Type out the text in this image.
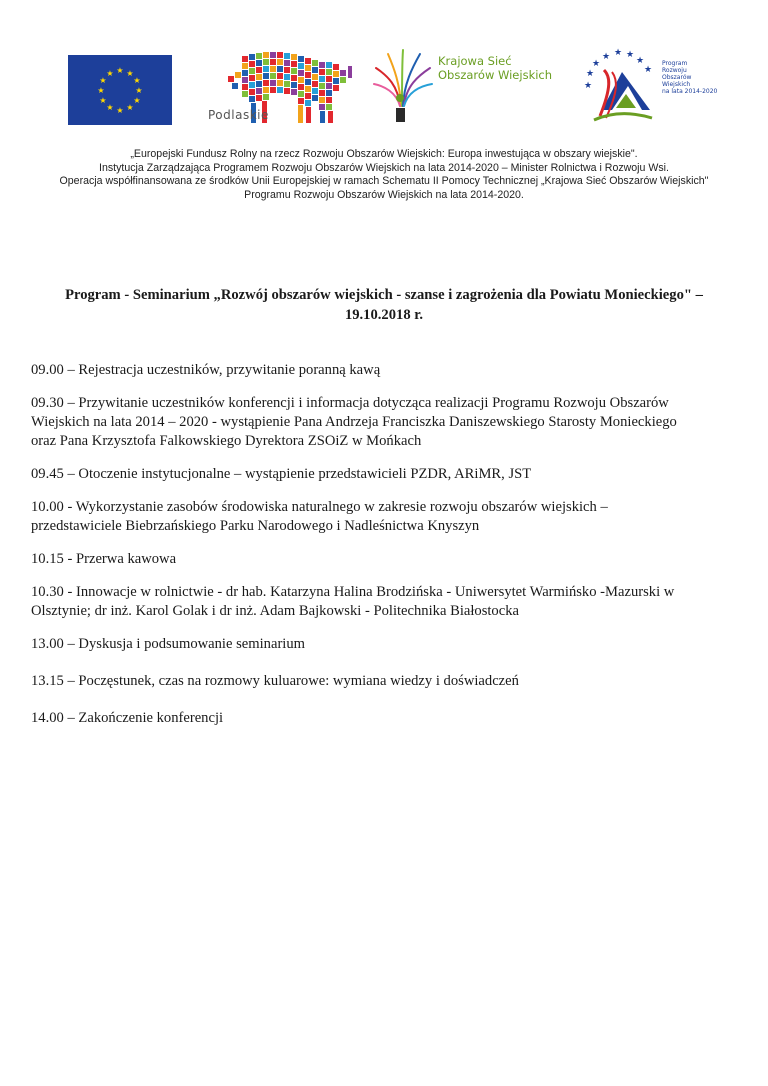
★ ★
★
★
★
★
★
★
★
★
★
★
Podlaskie
Krajowa Sieć
Obszarów Wiejskich
★
★ ★ ★
★
★
★
★
Program
Rozwoju
Obszarów
Wiejskich
na lata 2014-2020
„Europejski Fundusz Rolny na rzecz Rozwoju Obszarów Wiejskich: Europa inwestująca w obszary wiejskie".
Instytucja Zarządzająca Programem Rozwoju Obszarów Wiejskich na lata 2014-2020 – Minister Rolnictwa i Rozwoju Wsi.
Operacja współfinansowana ze środków Unii Europejskiej w ramach Schematu II Pomocy Technicznej „Krajowa Sieć Obszarów Wiejskich"
Programu Rozwoju Obszarów Wiejskich na lata 2014-2020.
Program - Seminarium „Rozwój obszarów wiejskich - szanse i zagrożenia dla Powiatu Monieckiego" –
19.10.2018 r.

09.00 – Rejestracja uczestników, przywitanie poranną kawą

09.30 – Przywitanie uczestników konferencji i informacja dotycząca realizacji Programu Rozwoju Obszarów
Wiejskich na lata 2014 – 2020 - wystąpienie Pana Andrzeja Franciszka Daniszewskiego Starosty Monieckiego
oraz Pana Krzysztofa Falkowskiego Dyrektora ZSOiZ w Mońkach

09.45 – Otoczenie instytucjonalne – wystąpienie przedstawicieli PZDR, ARiMR, JST

10.00 - Wykorzystanie zasobów środowiska naturalnego w zakresie rozwoju obszarów wiejskich –
przedstawiciele Biebrzańskiego Parku Narodowego i Nadleśnictwa Knyszyn

10.15 - Przerwa kawowa

10.30 - Innowacje w rolnictwie - dr hab. Katarzyna Halina Brodzińska - Uniwersytet Warmińsko -Mazurski w
Olsztynie; dr inż. Karol Golak i dr inż. Adam Bajkowski - Politechnika Białostocka

13.00 – Dyskusja i podsumowanie seminarium

13.15 – Poczęstunek, czas na rozmowy kuluarowe: wymiana wiedzy i doświadczeń

14.00 – Zakończenie konferencji
